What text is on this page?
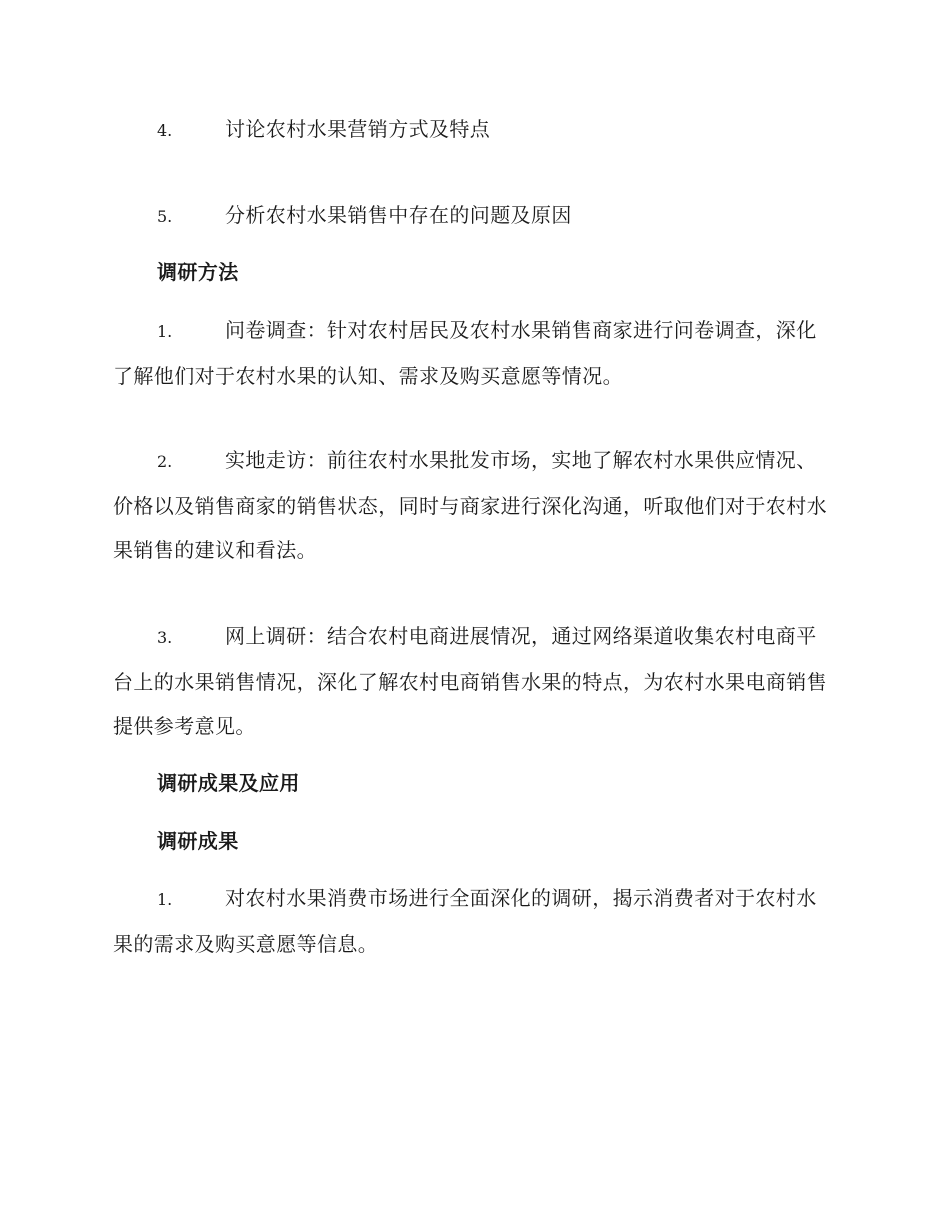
4.	讨论农村水果营销方式及特点
5.	分析农村水果销售中存在的问题及原因
调研方法
1.	问卷调查：针对农村居民及农村水果销售商家进行问卷调查，深化了解他们对于农村水果的认知、需求及购买意愿等情况。
2.	实地走访：前往农村水果批发市场，实地了解农村水果供应情况、价格以及销售商家的销售状态，同时与商家进行深化沟通，听取他们对于农村水果销售的建议和看法。
3.	网上调研：结合农村电商进展情况，通过网络渠道收集农村电商平台上的水果销售情况，深化了解农村电商销售水果的特点，为农村水果电商销售提供参考意见。
调研成果及应用
调研成果
1.	对农村水果消费市场进行全面深化的调研，揭示消费者对于农村水果的需求及购买意愿等信息。
